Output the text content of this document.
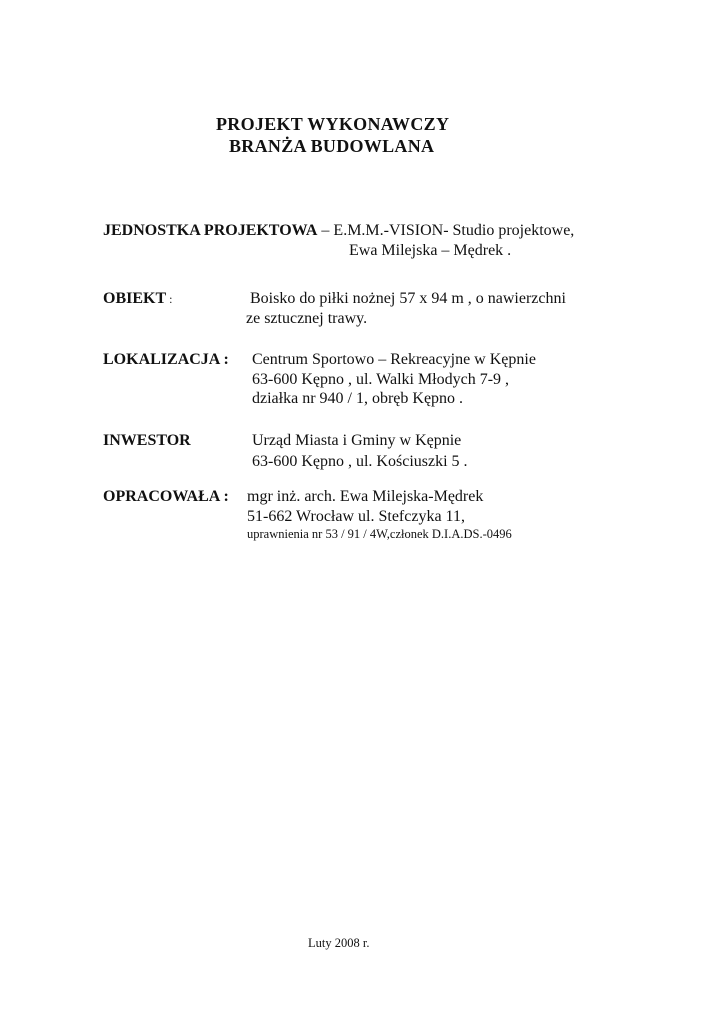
PROJEKT WYKONAWCZY
BRANŻA BUDOWLANA
JEDNOSTKA PROJEKTOWA – E.M.M.-VISION- Studio projektowe,
Ewa Milejska – Mędrek .
OBIEKT :	Boisko do piłki nożnej 57 x 94 m , o nawierzchni
ze sztucznej trawy.
LOKALIZACJA : Centrum Sportowo – Rekreacyjne w Kępnie
63-600 Kępno , ul. Walki Młodych 7-9 ,
działka nr 940 / 1, obręb Kępno .
INWESTOR	Urząd Miasta i Gminy w Kępnie
63-600 Kępno , ul. Kościuszki 5 .
OPRACOWAŁA : mgr inż. arch. Ewa Milejska-Mędrek
51-662 Wrocław ul. Stefczyka 11,
uprawnienia nr 53 / 91 / 4W,członek D.I.A.DS.-0496
Luty 2008 r.
